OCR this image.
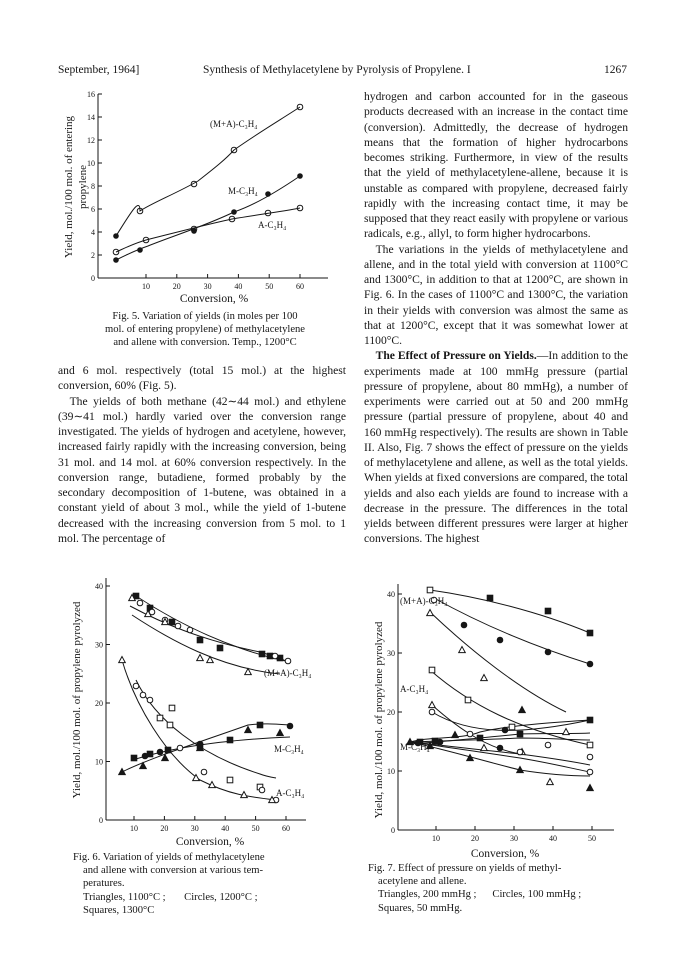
September, 1964]	Synthesis of Methylacetylene by Pyrolysis of Propylene. I	1267
Yield, mol./100 mol. of entering propylene
0
2
4
6
8
10
12
14
16
10	20	30	40	50	60
(M+A)-C₃H₄
M-C₃H₄
A-C₃H₄
Conversion, %
Fig. 5. Variation of yields (in moles per 100
mol. of entering propylene) of methylacetylene
and allene with conversion. Temp., 1200°C

and 6 mol. respectively (total 15 mol.) at the highest conversion, 60% (Fig. 5).

The yields of both methane (42∼44 mol.) and ethylene (39∼41 mol.) hardly varied over the conversion range investigated. The yields of hydrogen and acetylene, however, increased fairly rapidly with the increasing conversion, being 31 mol. and 14 mol. at 60% conversion respectively. In the conversion range, butadiene, formed probably by the secondary decomposition of 1-butene, was obtained in a constant yield of about 3 mol., while the yield of 1-butene decreased with the increasing conversion from 5 mol. to 1 mol. The percentage of

hydrogen and carbon accounted for in the gaseous products decreased with an increase in the contact time (conversion). Admittedly, the decrease of hydrogen means that the formation of higher hydrocarbons becomes striking. Furthermore, in view of the results that the yield of methylacetylene-allene, because it is unstable as compared with propylene, decreased fairly rapidly with the increasing contact time, it may be supposed that they react easily with propylene or various radicals, e.g., allyl, to form higher hydrocarbons.

The variations in the yields of methylacetylene and allene, and in the total yield with conversion at 1100°C and 1300°C, in addition to that at 1200°C, are shown in Fig. 6. In the cases of 1100°C and 1300°C, the variation in their yields with conversion was almost the same as that at 1200°C, except that it was somewhat lower at 1100°C.

The Effect of Pressure on Yields.—In addition to the experiments made at 100 mmHg pressure (partial pressure of propylene, about 80 mmHg), a number of experiments were carried out at 50 and 200 mmHg pressure (partial pressure of propylene, about 40 and 160 mmHg respectively). The results are shown in Table II. Also, Fig. 7 shows the effect of pressure on the yields of methylacetylene and allene, as well as the total yields. When yields at fixed conversions are compared, the total yields and also each yields are found to increase with a decrease in the pressure. The differences in the total yields between different pressures were larger at higher conversions. The highest

Yield, mol./100 mol. of propylene pyrolyzed
0
10
20
30
40
10	20	30	40	50	60
(M+A)-C₃H₄
M-C₃H₄
A-C₃H₄
Conversion, %
Fig. 6. Variation of yields of methylacetylene
and allene with conversion at various tem-
peratures.
Triangles, 1100°C ;       Circles, 1200°C ;
Squares, 1300°C
Yield, mol./100 mol. of propylene pyrolyzed
0
10
20
30
40
10	20	30	40	50
(M+A)-C₃H₄
A-C₃H₄
M-C₃H₄
Conversion, %
Fig. 7. Effect of pressure on yields of methyl-
acetylene and allene.
Triangles, 200 mmHg ;      Circles, 100 mmHg ;
Squares, 50 mmHg.
